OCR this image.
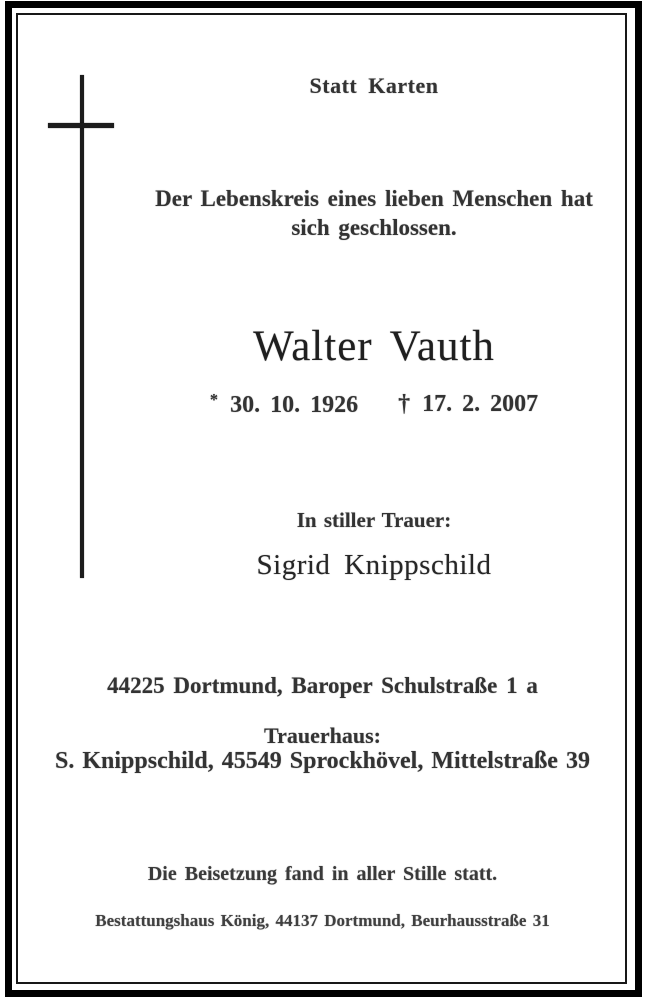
Statt Karten
Der Lebenskreis eines lieben Menschen hat
sich geschlossen.
Walter Vauth
* 30. 10. 1926 † 17. 2. 2007
In stiller Trauer:
Sigrid Knippschild
44225 Dortmund, Baroper Schulstraße 1 a
Trauerhaus:
S. Knippschild, 45549 Sprockhövel, Mittelstraße 39
Die Beisetzung fand in aller Stille statt.
Bestattungshaus König, 44137 Dortmund, Beurhausstraße 31
